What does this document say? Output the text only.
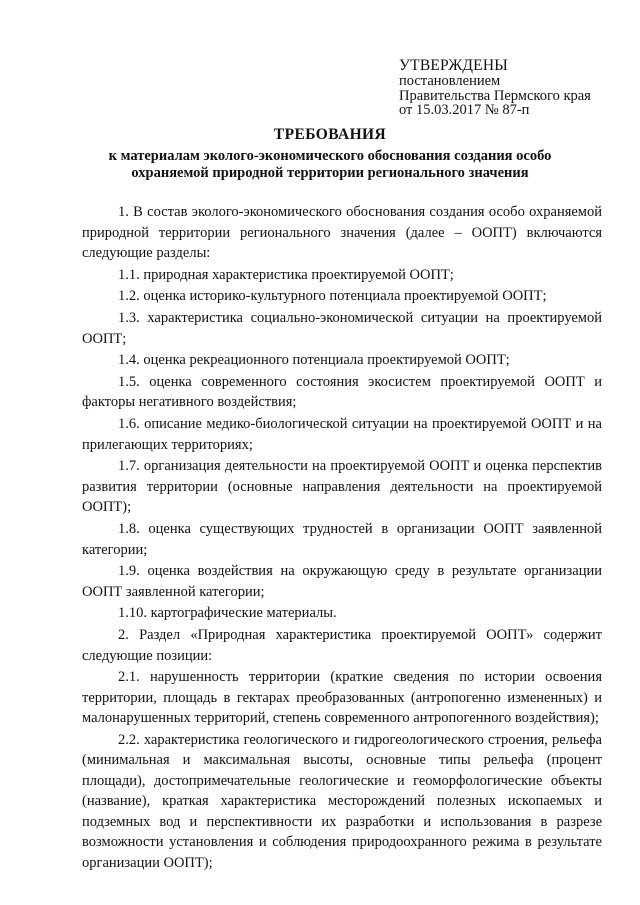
УТВЕРЖДЕНЫ
постановлением
Правительства Пермского края
от 15.03.2017 № 87-п
ТРЕБОВАНИЯ
к материалам эколого-экономического обоснования создания особо охраняемой природной территории регионального значения

1. В состав эколого-экономического обоснования создания особо охраняемой природной территории регионального значения (далее – ООПТ) включаются следующие разделы:

1.1. природная характеристика проектируемой ООПТ;

1.2. оценка историко-культурного потенциала проектируемой ООПТ;

1.3. характеристика социально-экономической ситуации на проектируемой ООПТ;

1.4. оценка рекреационного потенциала проектируемой ООПТ;

1.5. оценка современного состояния экосистем проектируемой ООПТ и факторы негативного воздействия;

1.6. описание медико-биологической ситуации на проектируемой ООПТ и на прилегающих территориях;

1.7. организация деятельности на проектируемой ООПТ и оценка перспектив развития территории (основные направления деятельности на проектируемой ООПТ);

1.8. оценка существующих трудностей в организации ООПТ заявленной категории;

1.9. оценка воздействия на окружающую среду в результате организации ООПТ заявленной категории;

1.10. картографические материалы.

2. Раздел «Природная характеристика проектируемой ООПТ» содержит следующие позиции:

2.1. нарушенность территории (краткие сведения по истории освоения территории, площадь в гектарах преобразованных (антропогенно измененных) и малонарушенных территорий, степень современного антропогенного воздействия);

2.2. характеристика геологического и гидрогеологического строения, рельефа (минимальная и максимальная высоты, основные типы рельефа (процент площади), достопримечательные геологические и геоморфологические объекты (название), краткая характеристика месторождений полезных ископаемых и подземных вод и перспективности их разработки и использования в разрезе возможности установления и соблюдения природоохранного режима в результате организации ООПТ);
